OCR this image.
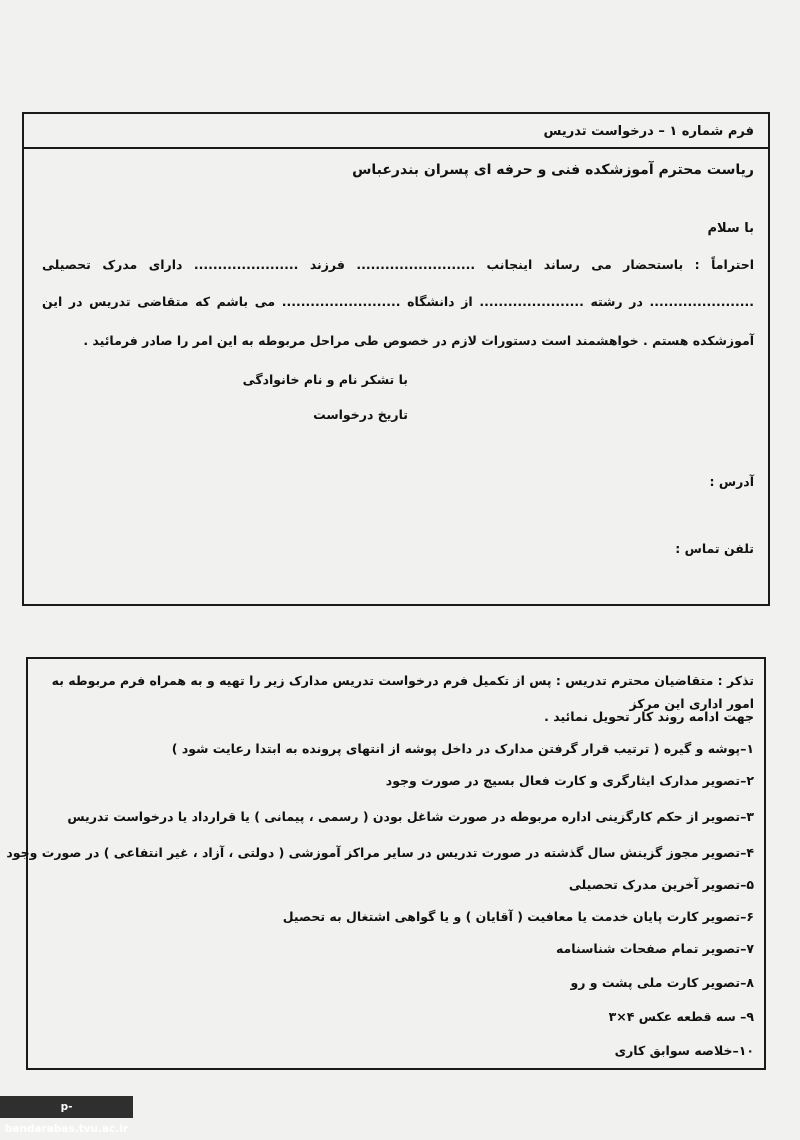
فرم شماره ۱ – درخواست تدریس
ریاست محترم آموزشکده فنی و حرفه ای پسران بندرعباس
با سلام
احتراماً : باستحضار می رساند اینجانب ......................... فرزند ...................... دارای مدرک تحصیلی
...................... در رشته ...................... از دانشگاه ......................... می باشم که متقاضی تدریس در این
آموزشکده هستم . خواهشمند است دستورات لازم در خصوص طی مراحل مربوطه به این امر را صادر فرمائید .
با تشکر نام و نام خانوادگی
تاریخ درخواست
آدرس :
تلفن تماس :
تذکر : متقاضیان محترم تدریس : پس از تکمیل فرم درخواست تدریس مدارک زیر را تهیه و به همراه فرم مربوطه به امور اداری این مرکز
جهت ادامه روند کار تحویل نمائید .
۱–پوشه و گیره ( ترتیب قرار گرفتن مدارک در داخل پوشه از انتهای پرونده به ابتدا رعایت شود )
۲–تصویر مدارک ایثارگری و کارت فعال بسیج در صورت وجود
۳–تصویر از حکم کارگزینی اداره مربوطه در صورت شاغل بودن ( رسمی ، پیمانی ) یا قرارداد یا درخواست تدریس
۴–تصویر مجوز گزینش سال گذشته در صورت تدریس در سایر مراکز آموزشی ( دولتی ، آزاد ، غیر انتفاعی ) در صورت وجود
۵–تصویر آخرین مدرک تحصیلی
۶–تصویر کارت پایان خدمت یا معافیت ( آقایان ) و یا گواهی اشتغال به تحصیل
۷–تصویر تمام صفحات شناسنامه
۸–تصویر کارت ملی پشت و رو
۹– سه قطعه عکس ۴×۳
۱۰–خلاصه سوابق کاری
p-bandarabas.tvu.ac.ir
